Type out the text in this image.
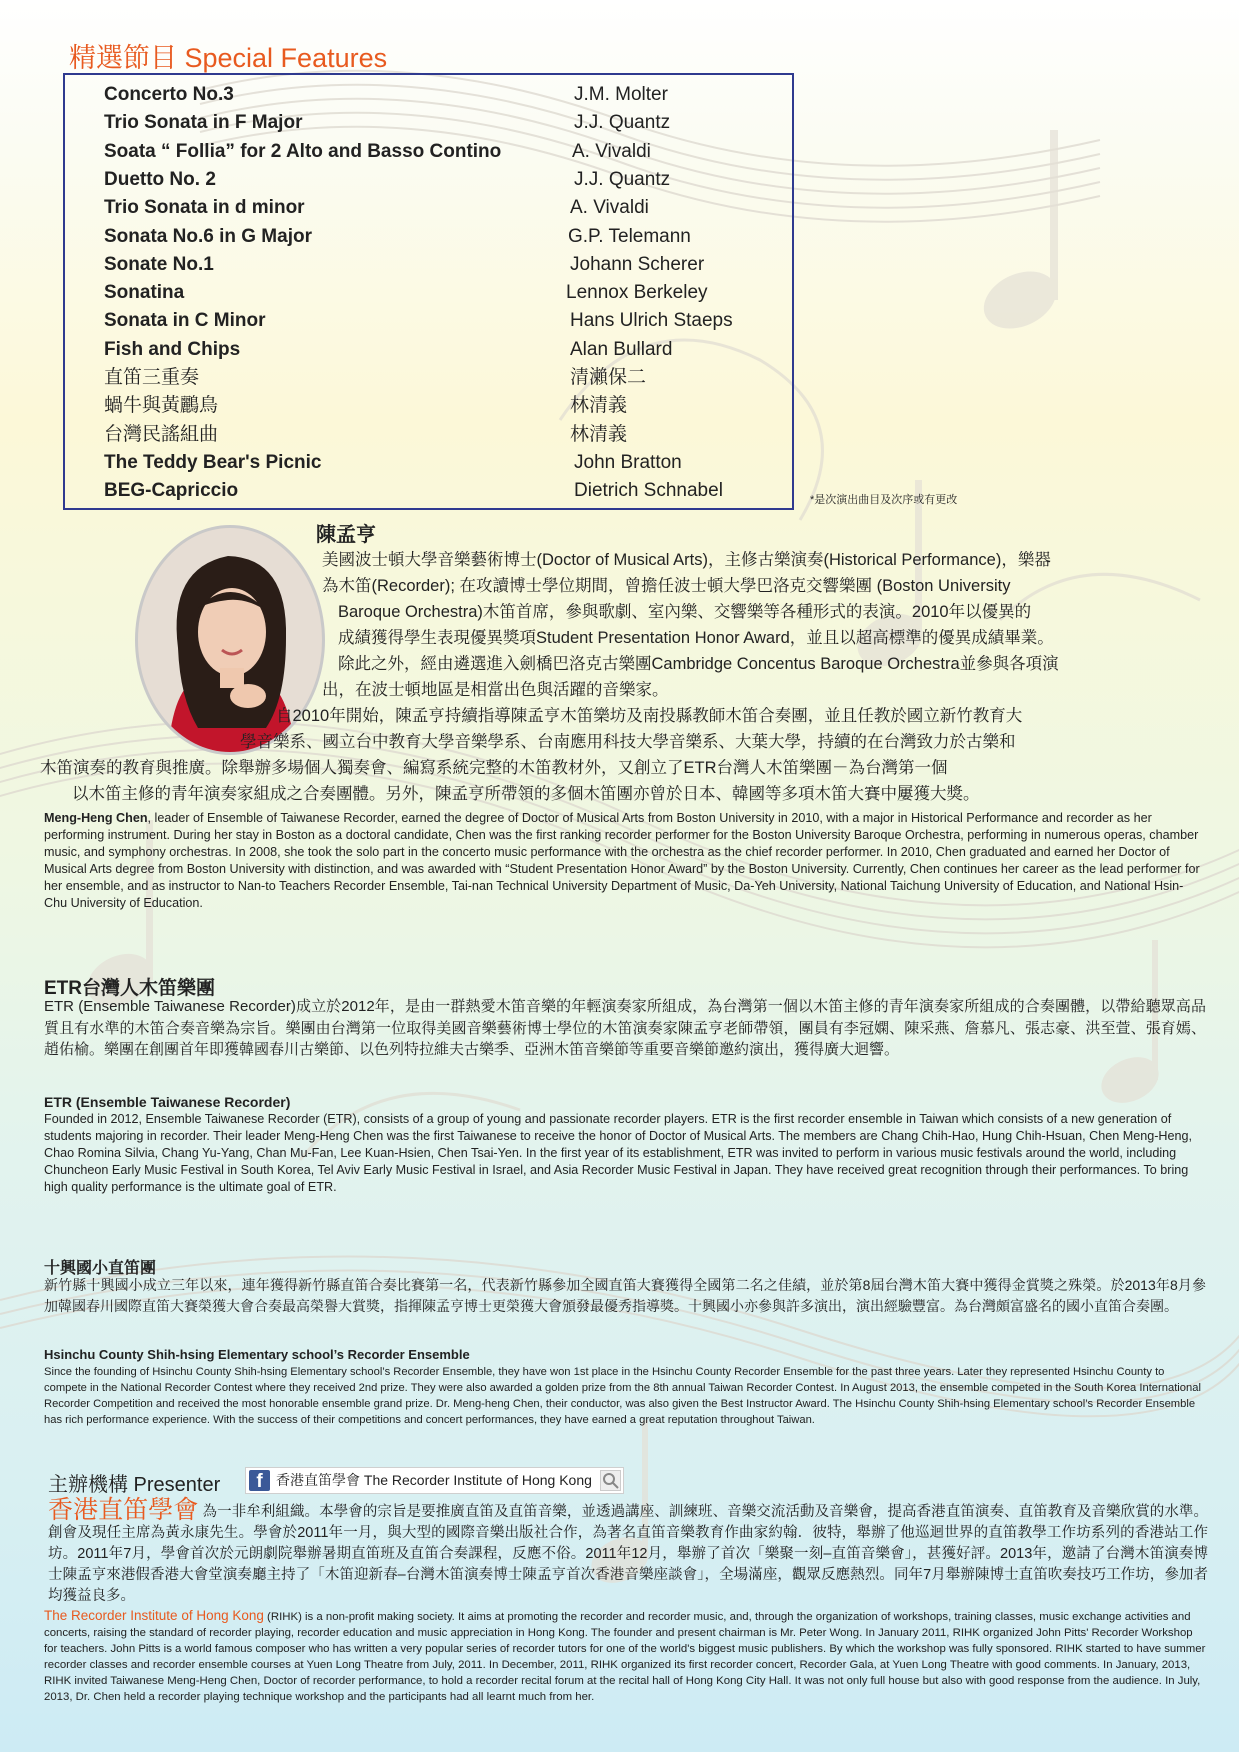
精選節目 Special Features
Concerto No.3	J.M. Molter
Trio Sonata in F Major	J.J. Quantz
Soata “ Follia” for 2 Alto and Basso Contino	A. Vivaldi
Duetto No. 2	J.J. Quantz
Trio Sonata in d minor	A. Vivaldi
Sonata No.6 in G Major	G.P. Telemann
Sonate No.1	Johann Scherer
Sonatina	Lennox Berkeley
Sonata in C Minor	Hans Ulrich Staeps
Fish and Chips	Alan Bullard
直笛三重奏	清瀨保二
蝸牛與黃鸝鳥	林清義
台灣民謠組曲	林清義
The Teddy Bear's Picnic	John Bratton
BEG-Capriccio	Dietrich Schnabel	*是次演出曲目及次序或有更改
陳孟亨
美國波士頓大學音樂藝術博士(Doctor of Musical Arts)，主修古樂演奏(Historical Performance)，樂器
為木笛(Recorder); 在攻讀博士學位期間，曾擔任波士頓大學巴洛克交響樂團 (Boston University
Baroque Orchestra)木笛首席，參與歌劇、室內樂、交響樂等各種形式的表演。2010年以優異的
成績獲得學生表現優異獎項Student Presentation Honor Award，並且以超高標準的優異成績畢業。
除此之外，經由遴選進入劍橋巴洛克古樂團Cambridge Concentus Baroque Orchestra並參與各項演
出，在波士頓地區是相當出色與活躍的音樂家。
自2010年開始，陳孟亨持續指導陳孟亨木笛樂坊及南投縣教師木笛合奏團，並且任教於國立新竹教育大
學音樂系、國立台中教育大學音樂學系、台南應用科技大學音樂系、大葉大學，持續的在台灣致力於古樂和
木笛演奏的教育與推廣。除舉辦多場個人獨奏會、編寫系統完整的木笛教材外，又創立了ETR台灣人木笛樂團－為台灣第一個
以木笛主修的青年演奏家組成之合奏團體。另外，陳孟亨所帶領的多個木笛團亦曾於日本、韓國等多項木笛大賽中屢獲大獎。
Meng-Heng Chen, leader of Ensemble of Taiwanese Recorder, earned the degree of Doctor of Musical Arts from Boston University in 2010, with a major in Historical Performance and recorder as her performing instrument. During her stay in Boston as a doctoral candidate, Chen was the first ranking recorder performer for the Boston University Baroque Orchestra, performing in numerous operas, chamber music, and symphony orchestras. In 2008, she took the solo part in the concerto music performance with the orchestra as the chief recorder performer. In 2010, Chen graduated and earned her Doctor of Musical Arts degree from Boston University with distinction, and was awarded with “Student Presentation Honor Award” by the Boston University. Currently, Chen continues her career as the lead performer for her ensemble, and as instructor to Nan-to Teachers Recorder Ensemble, Tai-nan Technical University Department of Music, Da-Yeh University, National Taichung University of Education, and National Hsin-Chu University of Education.
ETR台灣人木笛樂團
ETR (Ensemble Taiwanese Recorder)成立於2012年，是由一群熱愛木笛音樂的年輕演奏家所組成，為台灣第一個以木笛主修的青年演奏家所組成的合奏團體，以帶給聽眾高品質且有水準的木笛合奏音樂為宗旨。樂團由台灣第一位取得美國音樂藝術博士學位的木笛演奏家陳孟亨老師帶領，團員有李冠嫻、陳采燕、詹慕凡、張志豪、洪至萱、張育嫣、趙佑榆。樂團在創團首年即獲韓國春川古樂節、以色列特拉維夫古樂季、亞洲木笛音樂節等重要音樂節邀約演出，獲得廣大迴響。
ETR (Ensemble Taiwanese Recorder)
Founded in 2012, Ensemble Taiwanese Recorder (ETR), consists of a group of young and passionate recorder players. ETR is the first recorder ensemble in Taiwan which consists of a new generation of students majoring in recorder. Their leader Meng-Heng Chen was the first Taiwanese to receive the honor of Doctor of Musical Arts. The members are Chang Chih-Hao, Hung Chih-Hsuan, Chen Meng-Heng, Chao Romina Silvia, Chang Yu-Yang, Chan Mu-Fan, Lee Kuan-Hsien, Chen Tsai-Yen. In the first year of its establishment, ETR was invited to perform in various music festivals around the world, including Chuncheon Early Music Festival in South Korea, Tel Aviv Early Music Festival in Israel, and Asia Recorder Music Festival in Japan. They have received great recognition through their performances. To bring high quality performance is the ultimate goal of ETR.
十興國小直笛團
新竹縣十興國小成立三年以來，連年獲得新竹縣直笛合奏比賽第一名，代表新竹縣參加全國直笛大賽獲得全國第二名之佳績，並於第8屆台灣木笛大賽中獲得金賞獎之殊榮。於2013年8月參加韓國春川國際直笛大賽榮獲大會合奏最高榮譽大賞獎，指揮陳孟亨博士更榮獲大會頒發最優秀指導獎。十興國小亦參與許多演出，演出經驗豐富。為台灣頗富盛名的國小直笛合奏團。
Hsinchu County Shih-hsing Elementary school’s Recorder Ensemble
Since the founding of Hsinchu County Shih-hsing Elementary school’s Recorder Ensemble, they have won 1st place in the Hsinchu County Recorder Ensemble for the past three years. Later they represented Hsinchu County to compete in the National Recorder Contest where they received 2nd prize. They were also awarded a golden prize from the 8th annual Taiwan Recorder Contest. In August 2013, the ensemble competed in the South Korea International Recorder Competition and received the most honorable ensemble grand prize. Dr. Meng-heng Chen, their conductor, was also given the Best Instructor Award. The Hsinchu County Shih-hsing Elementary school’s Recorder Ensemble has rich performance experience. With the success of their competitions and concert performances, they have earned a great reputation throughout Taiwan.
主辦機構 Presenter	f 香港直笛學會 The Recorder Institute of Hong Kong
香港直笛學會 為一非牟利組織。本學會的宗旨是要推廣直笛及直笛音樂，並透過講座、訓練班、音樂交流活動及音樂會，提高香港直笛演奏、直笛教育及音樂欣賞的水準。創會及現任主席為黃永康先生。學會於2011年一月，與大型的國際音樂出版社合作，為著名直笛音樂教育作曲家約翰．彼特，舉辦了他巡迴世界的直笛教學工作坊系列的香港站工作坊。2011年7月，學會首次於元朗劇院舉辦暑期直笛班及直笛合奏課程，反應不俗。2011年12月，舉辦了首次「樂聚一刻–直笛音樂會」，甚獲好評。2013年，邀請了台灣木笛演奏博士陳孟亨來港假香港大會堂演奏廳主持了「木笛迎新春–台灣木笛演奏博士陳孟亨首次香港音樂座談會」，全場滿座，觀眾反應熱烈。同年7月舉辦陳博士直笛吹奏技巧工作坊，參加者均獲益良多。
The Recorder Institute of Hong Kong (RIHK) is a non-profit making society. It aims at promoting the recorder and recorder music, and, through the organization of workshops, training classes, music exchange activities and concerts, raising the standard of recorder playing, recorder education and music appreciation in Hong Kong. The founder and present chairman is Mr. Peter Wong. In January 2011, RIHK organized John Pitts' Recorder Workshop for teachers. John Pitts is a world famous composer who has written a very popular series of recorder tutors for one of the world's biggest music publishers. By which the workshop was fully sponsored. RIHK started to have summer recorder classes and recorder ensemble courses at Yuen Long Theatre from July, 2011. In December, 2011, RIHK organized its first recorder concert, Recorder Gala, at Yuen Long Theatre with good comments. In January, 2013, RIHK invited Taiwanese Meng-Heng Chen, Doctor of recorder performance, to hold a recorder recital forum at the recital hall of Hong Kong City Hall. It was not only full house but also with good response from the audience. In July, 2013, Dr. Chen held a recorder playing technique workshop and the participants had all learnt much from her.
